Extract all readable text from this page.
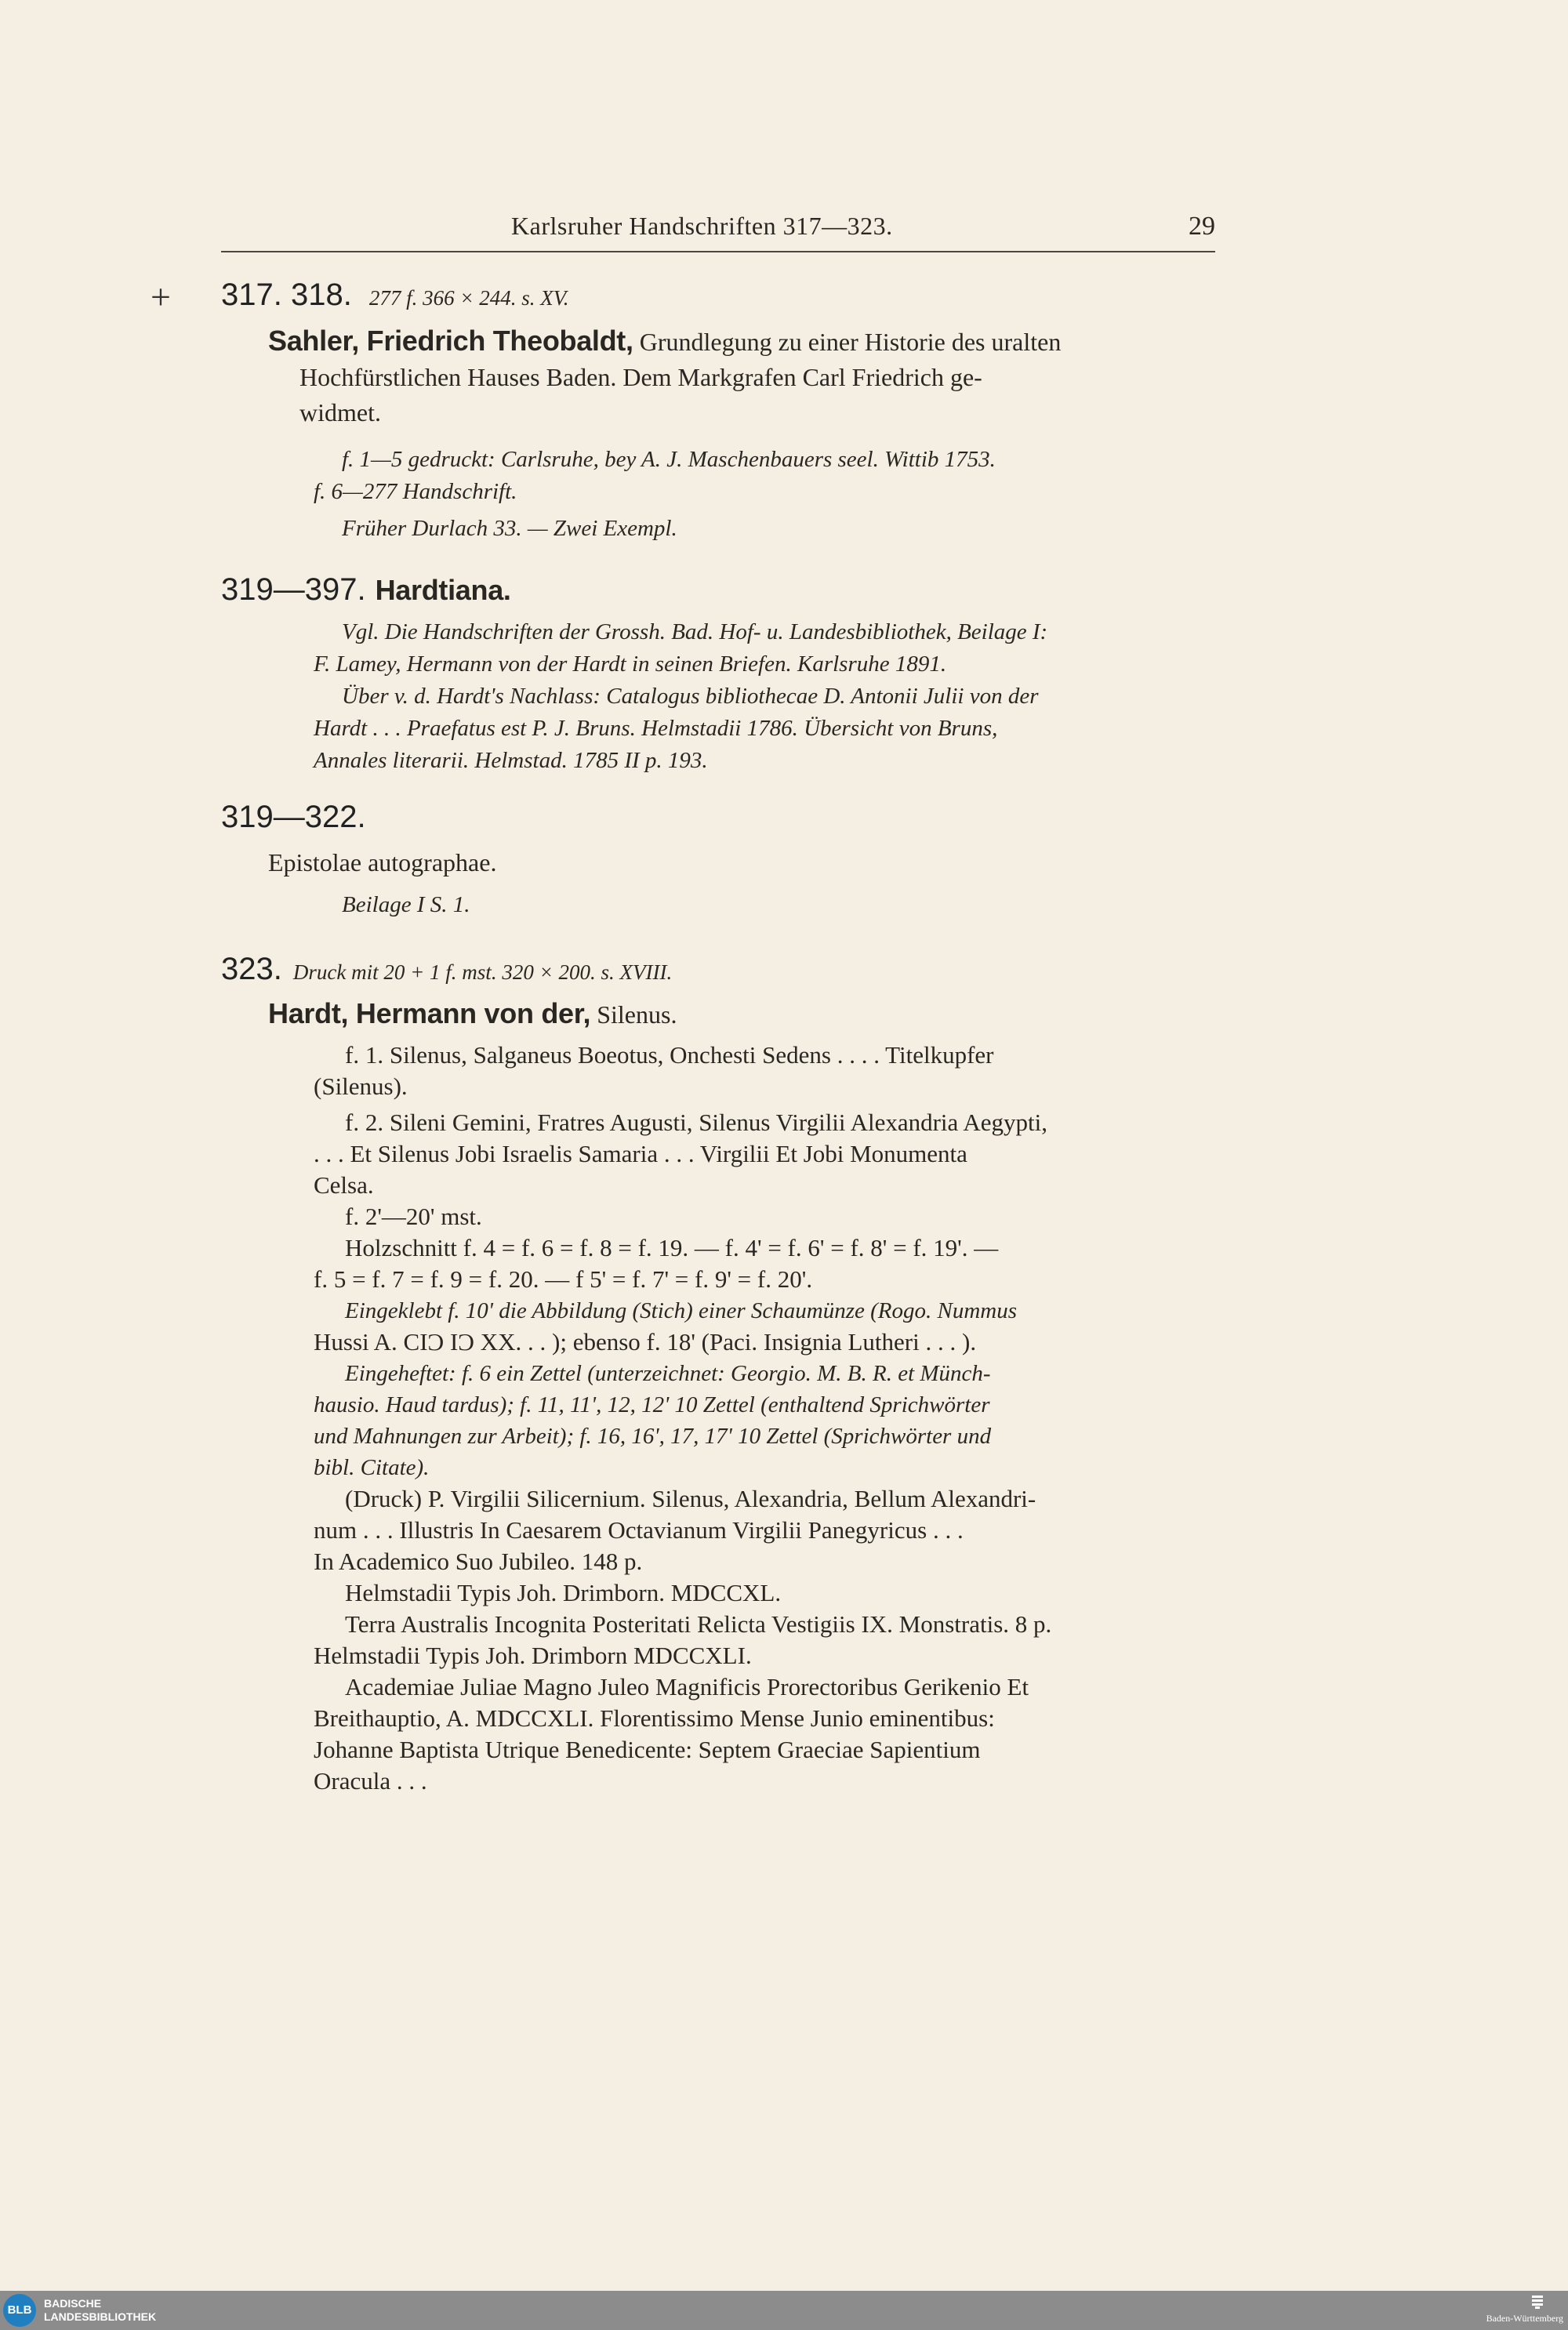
Karlsruher Handschriften 317—323.	29
+ 317. 318. 277 f. 366 × 244. s. XV.
Sahler, Friedrich Theobaldt, Grundlegung zu einer Historie des uralten
Hochfürstlichen Hauses Baden. Dem Markgrafen Carl Friedrich ge-
widmet.
f. 1—5 gedruckt: Carlsruhe, bey A. J. Maschenbauers seel. Wittib 1753.
f. 6—277 Handschrift.
Früher Durlach 33. — Zwei Exempl.
319—397. Hardtiana.
Vgl. Die Handschriften der Grossh. Bad. Hof- u. Landesbibliothek, Beilage I:
F. Lamey, Hermann von der Hardt in seinen Briefen. Karlsruhe 1891.
Über v. d. Hardt's Nachlass: Catalogus bibliothecae D. Antonii Julii von der
Hardt . . . Praefatus est P. J. Bruns. Helmstadii 1786. Übersicht von Bruns,
Annales literarii. Helmstad. 1785 II p. 193.
319—322.
Epistolae autographae.
Beilage I S. 1.
323. Druck mit 20 + 1 f. mst. 320 × 200. s. XVIII.
Hardt, Hermann von der, Silenus.
f. 1. Silenus, Salganeus Boeotus, Onchesti Sedens . . . . Titelkupfer
(Silenus).
f. 2. Sileni Gemini, Fratres Augusti, Silenus Virgilii Alexandria Aegypti,
. . . Et Silenus Jobi Israelis Samaria . . . Virgilii Et Jobi Monumenta
Celsa.
f. 2'—20' mst.
Holzschnitt f. 4 = f. 6 = f. 8 = f. 19. — f. 4' = f. 6' = f. 8' = f. 19'. —
f. 5 = f. 7 = f. 9 = f. 20. — f 5' = f. 7' = f. 9' = f. 20'.
Eingeklebt f. 10' die Abbildung (Stich) einer Schaumünze (Rogo. Nummus
Hussi A. CIϽ IϽ XX. . . ); ebenso f. 18' (Paci. Insignia Lutheri . . . ).
Eingeheftet: f. 6 ein Zettel (unterzeichnet: Georgio. M. B. R. et Münch-
hausio. Haud tardus); f. 11, 11', 12, 12' 10 Zettel (enthaltend Sprichwörter
und Mahnungen zur Arbeit); f. 16, 16', 17, 17' 10 Zettel (Sprichwörter und
bibl. Citate).
(Druck) P. Virgilii Silicernium. Silenus, Alexandria, Bellum Alexandri-
num . . . Illustris In Caesarem Octavianum Virgilii Panegyricus . . .
In Academico Suo Jubileo. 148 p.
Helmstadii Typis Joh. Drimborn. MDCCXL.
Terra Australis Incognita Posteritati Relicta Vestigiis IX. Monstratis. 8 p.
Helmstadii Typis Joh. Drimborn MDCCXLI.
Academiae Juliae Magno Juleo Magnificis Prorectoribus Gerikenio Et
Breithauptio, A. MDCCXLI. Florentissimo Mense Junio eminentibus:
Johanne Baptista Utrique Benedicente: Septem Graeciae Sapientium
Oracula . . .
BLB	BADISCHE
LANDESBIBLIOTHEK	Baden-Württemberg
